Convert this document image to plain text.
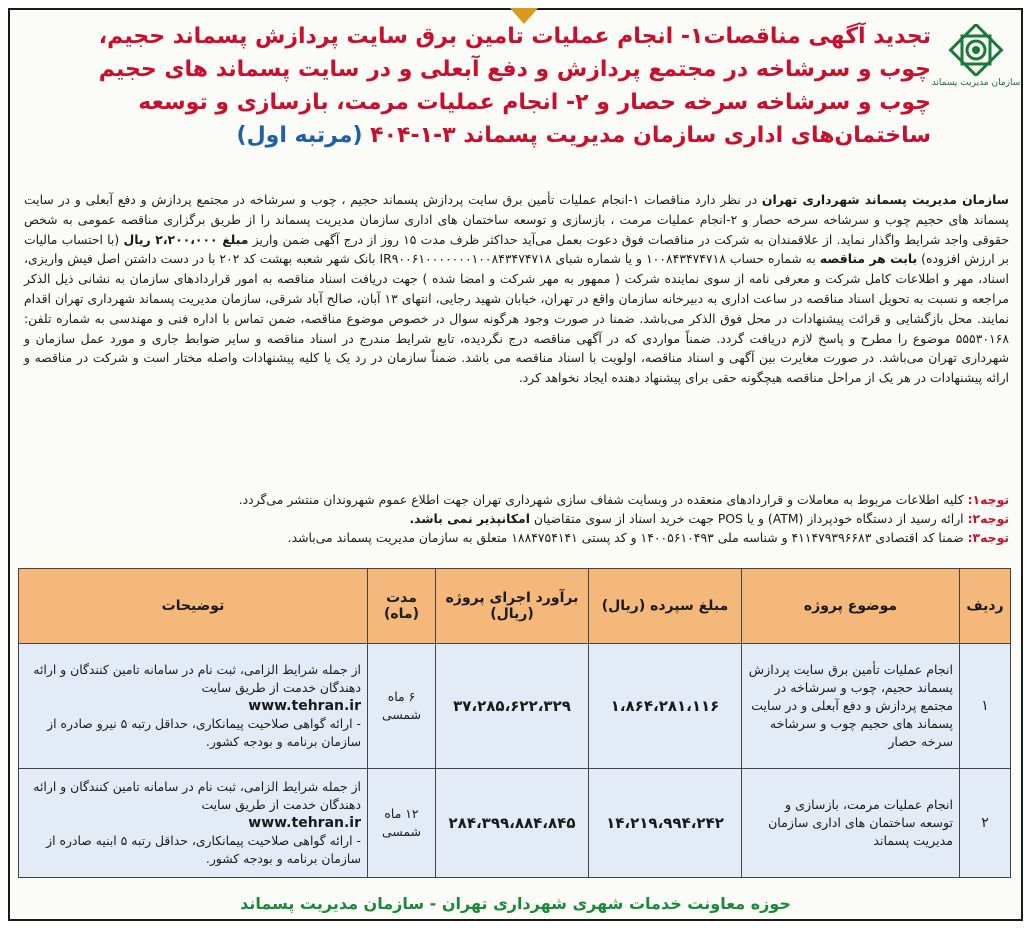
سازمان مدیریت پسماند
تجدید آگهی مناقصات۱- انجام عملیات تامین برق سایت پردازش پسماند حجیم،
چوب و سرشاخه در مجتمع پردازش و دفع آبعلی و در سایت پسماند های حجیم
چوب و سرشاخه سرخه حصار و ۲- انجام عملیات مرمت، بازسازی و توسعه
ساختمان‌های اداری سازمان مدیریت پسماند ۳-۱-۴۰۴ (مرتبه اول)
سازمان مدیریت پسماند شهرداری تهران در نظر دارد مناقصات ۱-انجام عملیات تأمین برق سایت پردازش پسماند حجیم ، چوب و سرشاخه در مجتمع پردازش و دفع آبعلی و در سایت پسماند های حجیم چوب و سرشاخه سرخه حصار و ۲-انجام عملیات مرمت ، بازسازی و توسعه ساختمان های اداری سازمان مدیریت پسماند را از طریق برگزاری مناقصه عمومی به شخص حقوقی واجد شرایط واگذار نماید. از علاقمندان به شرکت در مناقصات فوق دعوت بعمل می‌آید حداکثر ظرف مدت ۱۵ روز از درج آگهی ضمن واریز مبلغ ۲،۲۰۰،۰۰۰ ریال (با احتساب مالیات بر ارزش افزوده) بابت هر مناقصه به شماره حساب ۱۰۰۸۴۳۴۷۴۷۱۸ و یا شماره شبای IR۹۰۰۶۱۰۰۰۰۰۰۰۱۰۰۸۴۳۴۷۴۷۱۸ بانک شهر شعبه بهشت کد ۲۰۲ با در دست داشتن اصل فیش واریزی، اسناد، مهر و اطلاعات کامل شرکت و معرفی نامه از سوی نماینده شرکت ( ممهور به مهر شرکت و امضا شده ) جهت دریافت اسناد مناقصه به امور قراردادهای سازمان به نشانی ذیل الذکر مراجعه و نسبت به تحویل اسناد مناقصه در ساعت اداری به دبیرخانه سازمان واقع در تهران، خیابان شهید رجایی، انتهای ۱۳ آبان، صالح آباد شرقی، سازمان مدیریت پسماند شهرداری تهران اقدام نمایند. محل بازگشایی و قرائت پیشنهادات در محل فوق الذکر می‌باشد. ضمنا در صورت وجود هرگونه سوال در خصوص موضوع مناقصه، ضمن تماس با اداره فنی و مهندسی به شماره تلفن: ۵۵۵۳۰۱۶۸ موضوع را مطرح و پاسخ لازم دریافت گردد. ضمناً مواردی که در آگهی مناقصه درج نگردیده، تابع شرایط مندرج در اسناد مناقصه و سایر ضوابط جاری و مورد عمل سازمان و شهرداری تهران می‌باشد. در صورت مغایرت بین آگهی و اسناد مناقصه، اولویت با اسناد مناقصه می باشد. ضمناً سازمان در رد یک یا کلیه پیشنهادات واصله مختار است و شرکت در مناقصه و ارائه پیشنهادات در هر یک از مراحل مناقصه هیچگونه حقی برای پیشنهاد دهنده ایجاد نخواهد کرد.
توجه۱: کلیه اطلاعات مربوط به معاملات و قراردادهای منعقده در وبسایت شفاف سازی شهرداری تهران جهت اطلاع عموم شهروندان منتشر می‌گردد.
توجه۲: ارائه رسید از دستگاه خودپرداز (ATM) و یا POS جهت خرید اسناد از سوی متقاضیان امکانپذیر نمی باشد.
توجه۳: ضمنا کد اقتصادی ۴۱۱۴۷۹۳۹۶۶۸۳ و شناسه ملی ۱۴۰۰۵۶۱۰۴۹۳ و کد پستی ۱۸۸۴۷۵۴۱۴۱ متعلق به سازمان مدیریت پسماند می‌باشد.
ردیف	موضوع پروژه	مبلغ سپرده (ریال)	برآورد اجرای پروژه (ریال)	مدت (ماه)	توضیحات
۱	انجام عملیات تأمین برق سایت پردازش پسماند حجیم، چوب و سرشاخه در مجتمع پردازش و دفع آبعلی و در سایت پسماند های حجیم چوب و سرشاخه سرخه حصار	۱،۸۶۴،۲۸۱،۱۱۶	۳۷،۲۸۵،۶۲۲،۳۲۹	۶ ماه شمسی	از جمله شرایط الزامی، ثبت نام در سامانه تامین کنندگان و ارائه دهندگان خدمت از طریق سایت
www.tehran.ir
- ارائه گواهی صلاحیت پیمانکاری، حداقل رتبه ۵ نیرو صادره از سازمان برنامه و بودجه کشور.

۲	انجام عملیات مرمت، بازسازی و توسعه ساختمان های اداری سازمان مدیریت پسماند	۱۴،۲۱۹،۹۹۴،۲۴۲	۲۸۴،۳۹۹،۸۸۴،۸۴۵	۱۲ ماه شمسی	از جمله شرایط الزامی، ثبت نام در سامانه تامین کنندگان و ارائه دهندگان خدمت از طریق سایت
www.tehran.ir
- ارائه گواهی صلاحیت پیمانکاری، حداقل رتبه ۵ ابنیه صادره از سازمان برنامه و بودجه کشور.
حوزه معاونت خدمات شهری شهرداری تهران - سازمان مدیریت پسماند
